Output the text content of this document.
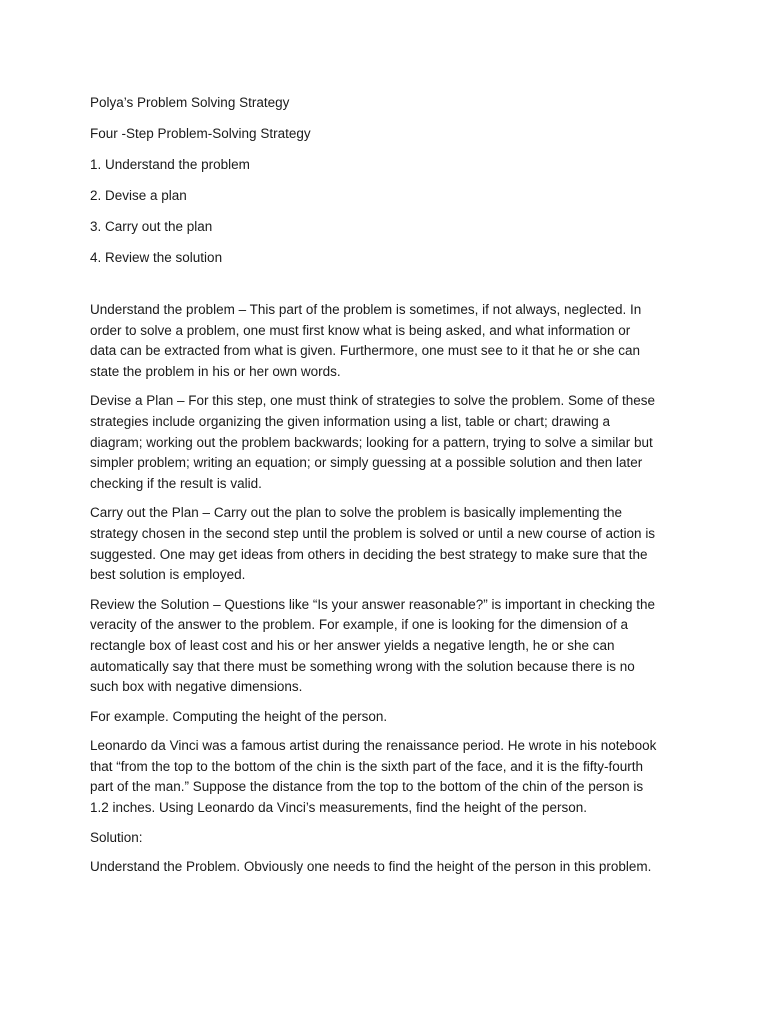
Polya’s Problem Solving Strategy

Four -Step Problem-Solving Strategy

1. Understand the problem

2. Devise a plan

3. Carry out the plan

4. Review the solution

Understand the problem – This part of the problem is sometimes, if not always, neglected. In
order to solve a problem, one must first know what is being asked, and what information or
data can be extracted from what is given. Furthermore, one must see to it that he or she can
state the problem in his or her own words.

Devise a Plan – For this step, one must think of strategies to solve the problem. Some of these
strategies include organizing the given information using a list, table or chart; drawing a
diagram; working out the problem backwards; looking for a pattern, trying to solve a similar but
simpler problem; writing an equation; or simply guessing at a possible solution and then later
checking if the result is valid.

Carry out the Plan – Carry out the plan to solve the problem is basically implementing the
strategy chosen in the second step until the problem is solved or until a new course of action is
suggested. One may get ideas from others in deciding the best strategy to make sure that the
best solution is employed.

Review the Solution – Questions like “Is your answer reasonable?” is important in checking the
veracity of the answer to the problem. For example, if one is looking for the dimension of a
rectangle box of least cost and his or her answer yields a negative length, he or she can
automatically say that there must be something wrong with the solution because there is no
such box with negative dimensions.

For example. Computing the height of the person.

Leonardo da Vinci was a famous artist during the renaissance period. He wrote in his notebook
that “from the top to the bottom of the chin is the sixth part of the face, and it is the fifty-fourth
part of the man.” Suppose the distance from the top to the bottom of the chin of the person is
1.2 inches. Using Leonardo da Vinci’s measurements, find the height of the person.

Solution:

Understand the Problem. Obviously one needs to find the height of the person in this problem.
